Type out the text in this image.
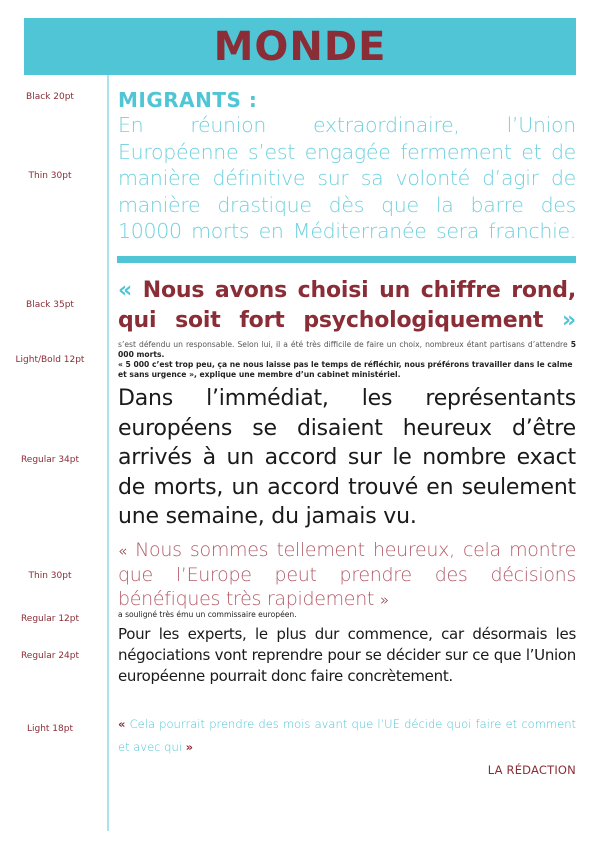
MONDE
Black 20pt
Thin 30pt
Black 35pt
Light/Bold 12pt
Regular 34pt
Thin 30pt
Regular 12pt
Regular 24pt
Light 18pt
MIGRANTS :
En réunion extraordinaire, l’Union Européenne s’est engagée fermement et de manière définitive sur sa volonté d’agir de manière drastique dès que la barre des 10000 morts en Méditerranée sera franchie.
« Nous avons choisi un chiffre rond, qui soit fort psychologiquement »
s’est défendu un responsable. Selon lui, il a été très difficile de faire un choix, nombreux étant partisans d’attendre 5 000 morts.
« 5 000 c’est trop peu, ça ne nous laisse pas le temps de réfléchir, nous préférons travailler dans le calme et sans urgence », explique une membre d’un cabinet ministériel.
Dans l’immédiat, les représentants européens se disaient heureux d’être arrivés à un accord sur le nombre exact de morts, un accord trouvé en seulement une semaine, du jamais vu.
« Nous sommes tellement heureux, cela montre que l’Europe peut prendre des décisions bénéfiques très rapidement »
a souligné très ému un commissaire européen.
Pour les experts, le plus dur commence, car désormais les négociations vont reprendre pour se décider sur ce que l’Union européenne pourrait donc faire concrètement.
« Cela pourrait prendre des mois avant que l’UE décide quoi faire et comment et avec qui »
LA RÉDACTION
